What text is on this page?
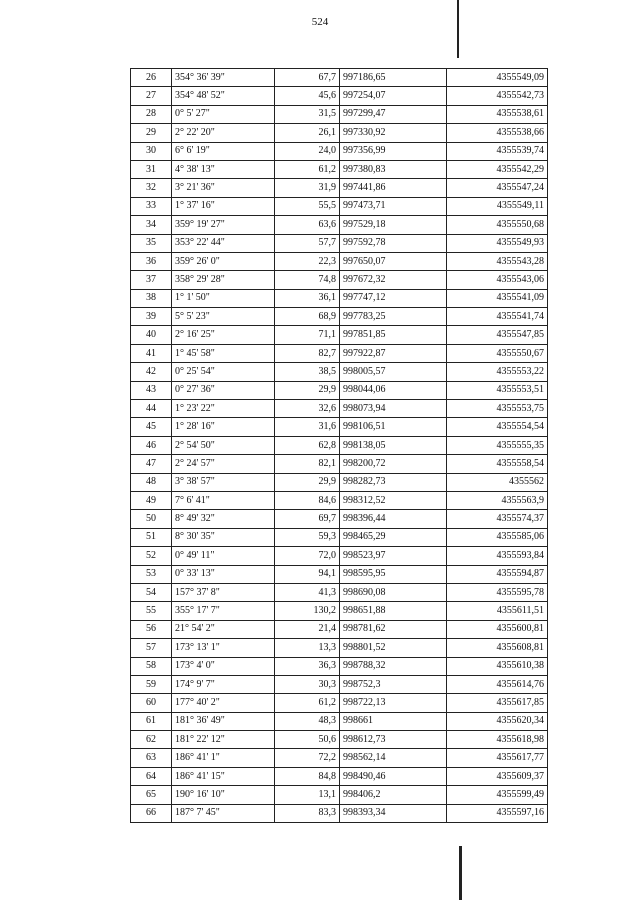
524
26	354° 36' 39"	67,7	997186,65	4355549,09
27	354° 48' 52"	45,6	997254,07	4355542,73
28	0° 5' 27"	31,5	997299,47	4355538,61
29	2° 22' 20"	26,1	997330,92	4355538,66
30	6° 6' 19"	24,0	997356,99	4355539,74
31	4° 38' 13"	61,2	997380,83	4355542,29
32	3° 21' 36"	31,9	997441,86	4355547,24
33	1° 37' 16"	55,5	997473,71	4355549,11
34	359° 19' 27"	63,6	997529,18	4355550,68
35	353° 22' 44"	57,7	997592,78	4355549,93
36	359° 26' 0"	22,3	997650,07	4355543,28
37	358° 29' 28"	74,8	997672,32	4355543,06
38	1° 1' 50"	36,1	997747,12	4355541,09
39	5° 5' 23"	68,9	997783,25	4355541,74
40	2° 16' 25"	71,1	997851,85	4355547,85
41	1° 45' 58"	82,7	997922,87	4355550,67
42	0° 25' 54"	38,5	998005,57	4355553,22
43	0° 27' 36"	29,9	998044,06	4355553,51
44	1° 23' 22"	32,6	998073,94	4355553,75
45	1° 28' 16"	31,6	998106,51	4355554,54
46	2° 54' 50"	62,8	998138,05	4355555,35
47	2° 24' 57"	82,1	998200,72	4355558,54
48	3° 38' 57"	29,9	998282,73	4355562
49	7° 6' 41"	84,6	998312,52	4355563,9
50	8° 49' 32"	69,7	998396,44	4355574,37
51	8° 30' 35"	59,3	998465,29	4355585,06
52	0° 49' 11"	72,0	998523,97	4355593,84
53	0° 33' 13"	94,1	998595,95	4355594,87
54	157° 37' 8"	41,3	998690,08	4355595,78
55	355° 17' 7"	130,2	998651,88	4355611,51
56	21° 54' 2"	21,4	998781,62	4355600,81
57	173° 13' 1"	13,3	998801,52	4355608,81
58	173° 4' 0"	36,3	998788,32	4355610,38
59	174° 9' 7"	30,3	998752,3	4355614,76
60	177° 40' 2"	61,2	998722,13	4355617,85
61	181° 36' 49"	48,3	998661	4355620,34
62	181° 22' 12"	50,6	998612,73	4355618,98
63	186° 41' 1"	72,2	998562,14	4355617,77
64	186° 41' 15"	84,8	998490,46	4355609,37
65	190° 16' 10"	13,1	998406,2	4355599,49
66	187° 7' 45"	83,3	998393,34	4355597,16
